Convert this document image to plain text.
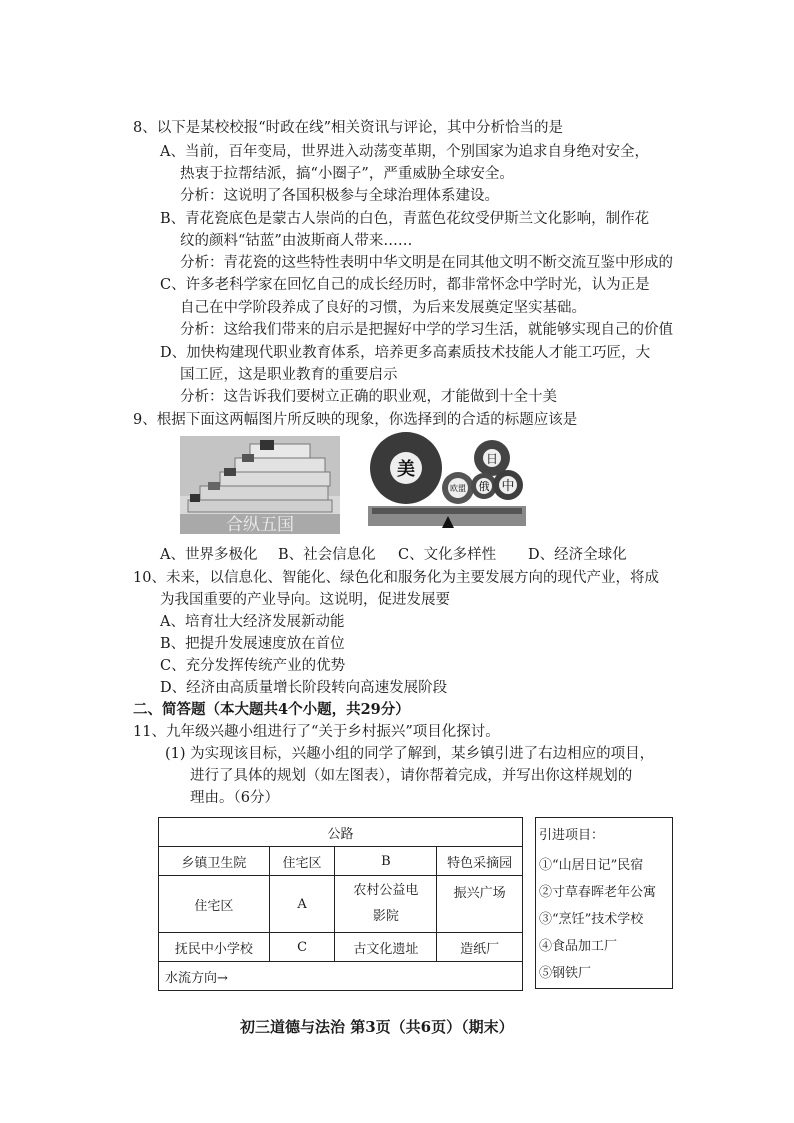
8、以下是某校校报“时政在线”相关资讯与评论，其中分析恰当的是
A、当前，百年变局，世界进入动荡变革期，个别国家为追求自身绝对安全，
热衷于拉帮结派，搞“小圈子”，严重威胁全球安全。
分析：这说明了各国积极参与全球治理体系建设。
B、青花瓷底色是蒙古人崇尚的白色，青蓝色花纹受伊斯兰文化影响，制作花
纹的颜料“钴蓝”由波斯商人带来……
分析：青花瓷的这些特性表明中华文明是在同其他文明不断交流互鉴中形成的
C、许多老科学家在回忆自己的成长经历时，都非常怀念中学时光，认为正是
自己在中学阶段养成了良好的习惯，为后来发展奠定坚实基础。
分析：这给我们带来的启示是把握好中学的学习生活，就能够实现自己的价值
D、加快构建现代职业教育体系，培养更多高素质技术技能人才能工巧匠，大
国工匠，这是职业教育的重要启示
分析：这告诉我们要树立正确的职业观，才能做到十全十美
9、根据下面这两幅图片所反映的现象，你选择到的合适的标题应该是
合纵五国
美	日
欧盟 俄 中
A、世界多极化 B、社会信息化 C、文化多样性 D、经济全球化
10、未来，以信息化、智能化、绿色化和服务化为主要发展方向的现代产业，将成
为我国重要的产业导向。这说明，促进发展要
A、培育壮大经济发展新动能
B、把提升发展速度放在首位
C、充分发挥传统产业的优势
D、经济由高质量增长阶段转向高速发展阶段
二、简答题（本大题共4个小题，共29分）
11、九年级兴趣小组进行了“关于乡村振兴”项目化探讨。
(1) 为实现该目标，兴趣小组的同学了解到，某乡镇引进了右边相应的项目，
进行了具体的规划（如左图表），请你帮着完成，并写出你这样规划的
理由。（6分）
公路			
乡镇卫生院	住宅区	B	特色采摘园
住宅区	A	农村公益电影院	振兴广场
抚民中小学校	C	古文化遗址	造纸厂
水流方向→			
引进项目：
①“山居日记”民宿
②寸草春晖老年公寓
③“烹饪”技术学校
④食品加工厂
⑤钢铁厂
初三道德与法治 第3页（共6页）（期末）
